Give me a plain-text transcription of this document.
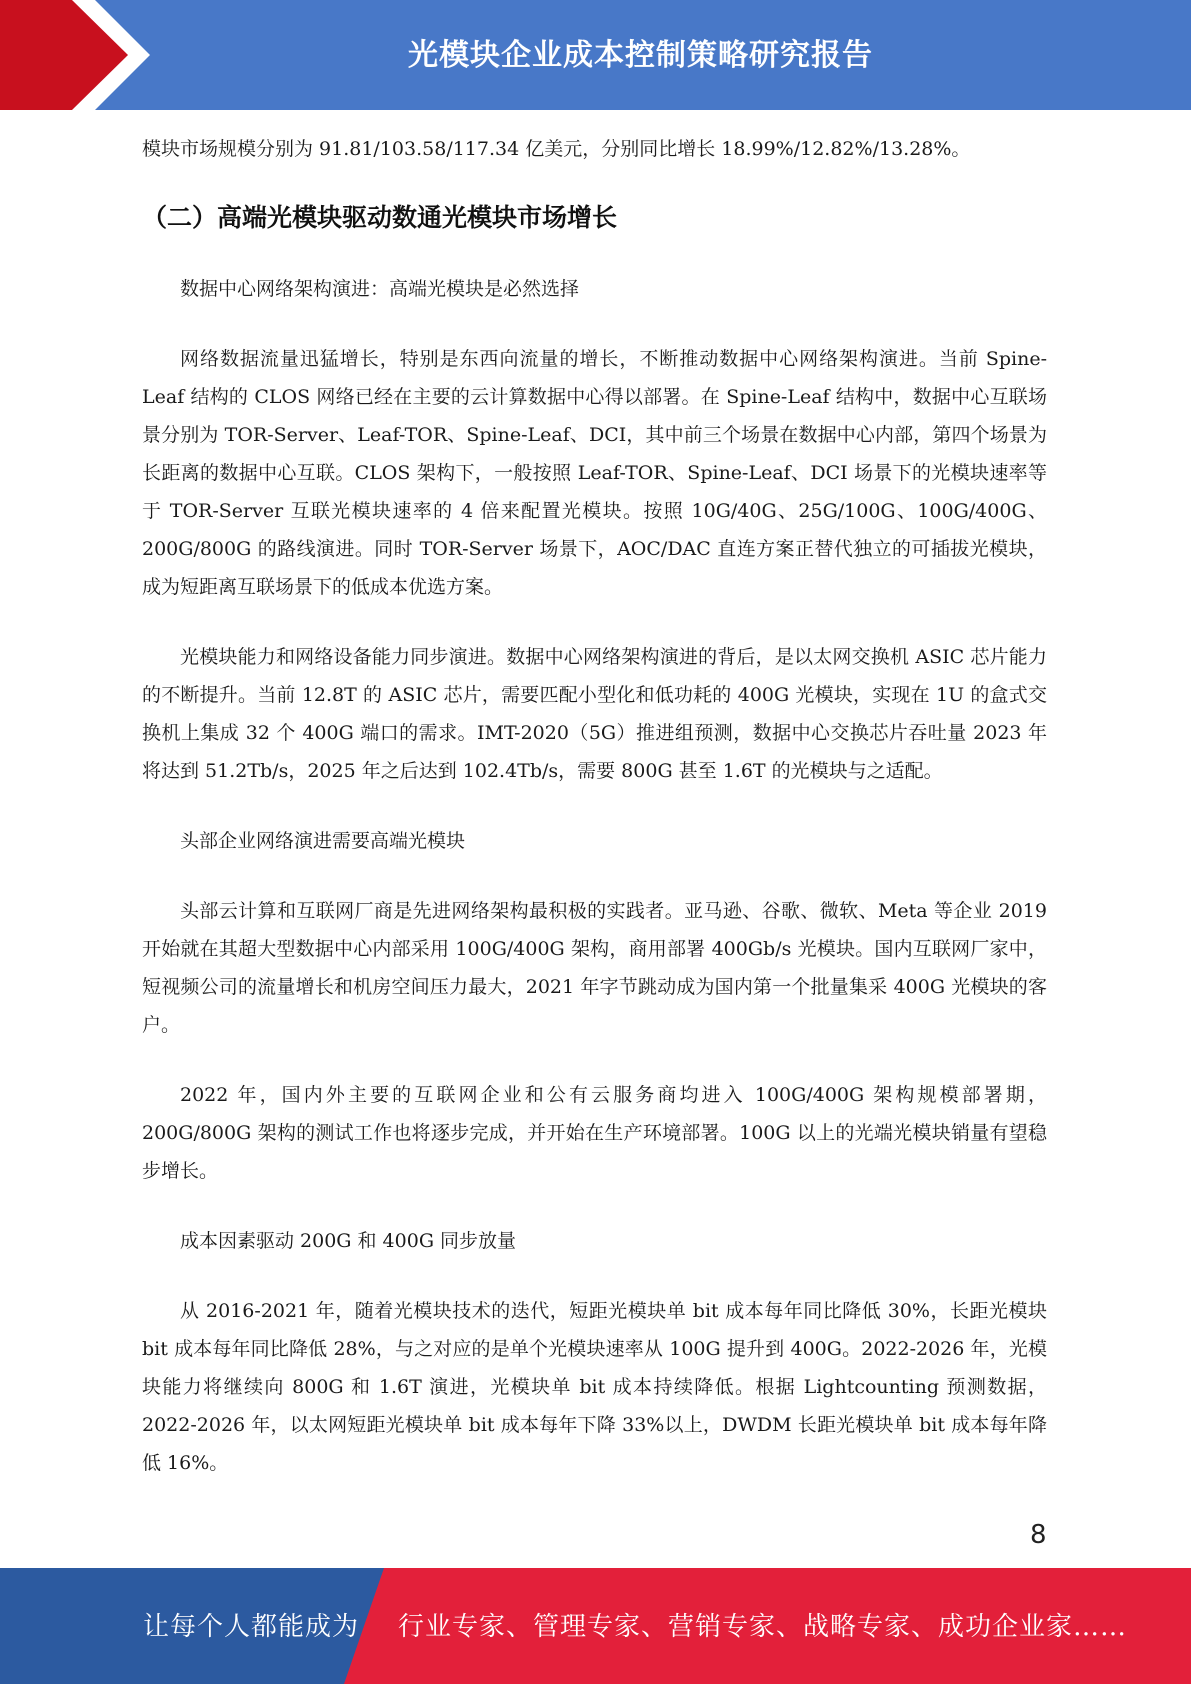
光模块企业成本控制策略研究报告

模块市场规模分别为 91.81/103.58/117.34 亿美元，分别同比增长 18.99%/12.82%/13.28%。

（二）高端光模块驱动数通光模块市场增长

数据中心网络架构演进：高端光模块是必然选择

网络数据流量迅猛增长，特别是东西向流量的增长，不断推动数据中心网络架构演进。当前 Spine-Leaf 结构的 CLOS 网络已经在主要的云计算数据中心得以部署。在 Spine-Leaf 结构中，数据中心互联场景分别为 TOR-Server、Leaf-TOR、Spine-Leaf、DCI，其中前三个场景在数据中心内部，第四个场景为长距离的数据中心互联。CLOS 架构下，一般按照 Leaf-TOR、Spine-Leaf、DCI 场景下的光模块速率等于 TOR-Server 互联光模块速率的 4 倍来配置光模块。按照 10G/40G、25G/100G、100G/400G、200G/800G 的路线演进。同时 TOR-Server 场景下，AOC/DAC 直连方案正替代独立的可插拔光模块，成为短距离互联场景下的低成本优选方案。

光模块能力和网络设备能力同步演进。数据中心网络架构演进的背后，是以太网交换机 ASIC 芯片能力的不断提升。当前 12.8T 的 ASIC 芯片，需要匹配小型化和低功耗的 400G 光模块，实现在 1U 的盒式交换机上集成 32 个 400G 端口的需求。IMT-2020（5G）推进组预测，数据中心交换芯片吞吐量 2023 年将达到 51.2Tb/s，2025 年之后达到 102.4Tb/s，需要 800G 甚至 1.6T 的光模块与之适配。

头部企业网络演进需要高端光模块

头部云计算和互联网厂商是先进网络架构最积极的实践者。亚马逊、谷歌、微软、Meta 等企业 2019 开始就在其超大型数据中心内部采用 100G/400G 架构，商用部署 400Gb/s 光模块。国内互联网厂家中，短视频公司的流量增长和机房空间压力最大，2021 年字节跳动成为国内第一个批量集采 400G 光模块的客户。

2022 年，国内外主要的互联网企业和公有云服务商均进入 100G/400G 架构规模部署期，200G/800G 架构的测试工作也将逐步完成，并开始在生产环境部署。100G 以上的光端光模块销量有望稳步增长。

成本因素驱动 200G 和 400G 同步放量

从 2016-2021 年，随着光模块技术的迭代，短距光模块单 bit 成本每年同比降低 30%，长距光模块 bit 成本每年同比降低 28%，与之对应的是单个光模块速率从 100G 提升到 400G。2022-2026 年，光模块能力将继续向 800G 和 1.6T 演进，光模块单 bit 成本持续降低。根据 Lightcounting 预测数据，2022-2026 年，以太网短距光模块单 bit 成本每年下降 33%以上，DWDM 长距光模块单 bit 成本每年降低 16%。

8
让每个人都能成为 行业专家、管理专家、营销专家、战略专家、成功企业家……
